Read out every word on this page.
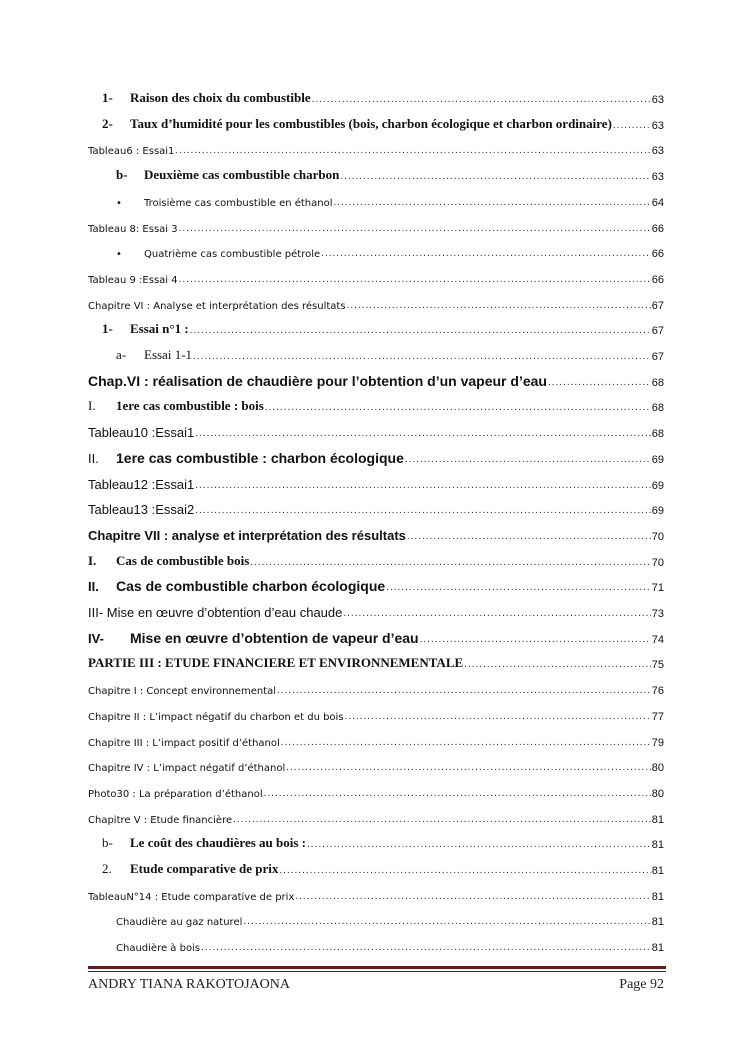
1- Raison des choix du combustible .....	63
2- Taux d’humidité pour les combustibles (bois, charbon écologique et charbon ordinaire) .....	63
Tableau6 : Essai1 .....	63
b- Deuxième cas combustible charbon .....	63
• Troisième cas combustible en éthanol .....	64
Tableau 8: Essai 3 .....	66
• Quatrième cas combustible pétrole .....	66
Tableau 9 :Essai 4 .....	66
Chapitre VI : Analyse et interprétation des résultats .....	67
1- Essai n°1 : .....	67
a- Essai 1-1 .....	67
Chap.VI : réalisation de chaudière pour l’obtention d’un vapeur d’eau .....	68
I. 1ere cas combustible : bois .....	68
Tableau10 :Essai1 .....	68
II. 1ere cas combustible : charbon écologique .....	69
Tableau12 :Essai1 .....	69
Tableau13 :Essai2 .....	69
Chapitre VII : analyse et interprétation des résultats .....	70
I. Cas de combustible bois .....	70
II. Cas de combustible charbon écologique .....	71
III- Mise en œuvre d’obtention d’eau chaude .....	73
IV- Mise en œuvre d’obtention de vapeur d’eau .....	74
PARTIE III : ETUDE FINANCIERE ET ENVIRONNEMENTALE .....	75
Chapitre I : Concept environnemental .....	76
Chapitre II : L’impact négatif du charbon et du bois .....	77
Chapitre III : L’impact positif d’éthanol .....	79
Chapitre IV : L’impact négatif d’éthanol .....	80
Photo30 : La préparation d’éthanol .....	80
Chapitre V : Etude financière .....	81
b- Le coût des chaudières au bois : .....	81
2. Etude comparative de prix .....	81
TableauN°14 : Etude comparative de prix .....	81
Chaudière au gaz naturel .....	81
Chaudière à bois .....	81
ANDRY TIANA RAKOTOJAONA	Page 92
